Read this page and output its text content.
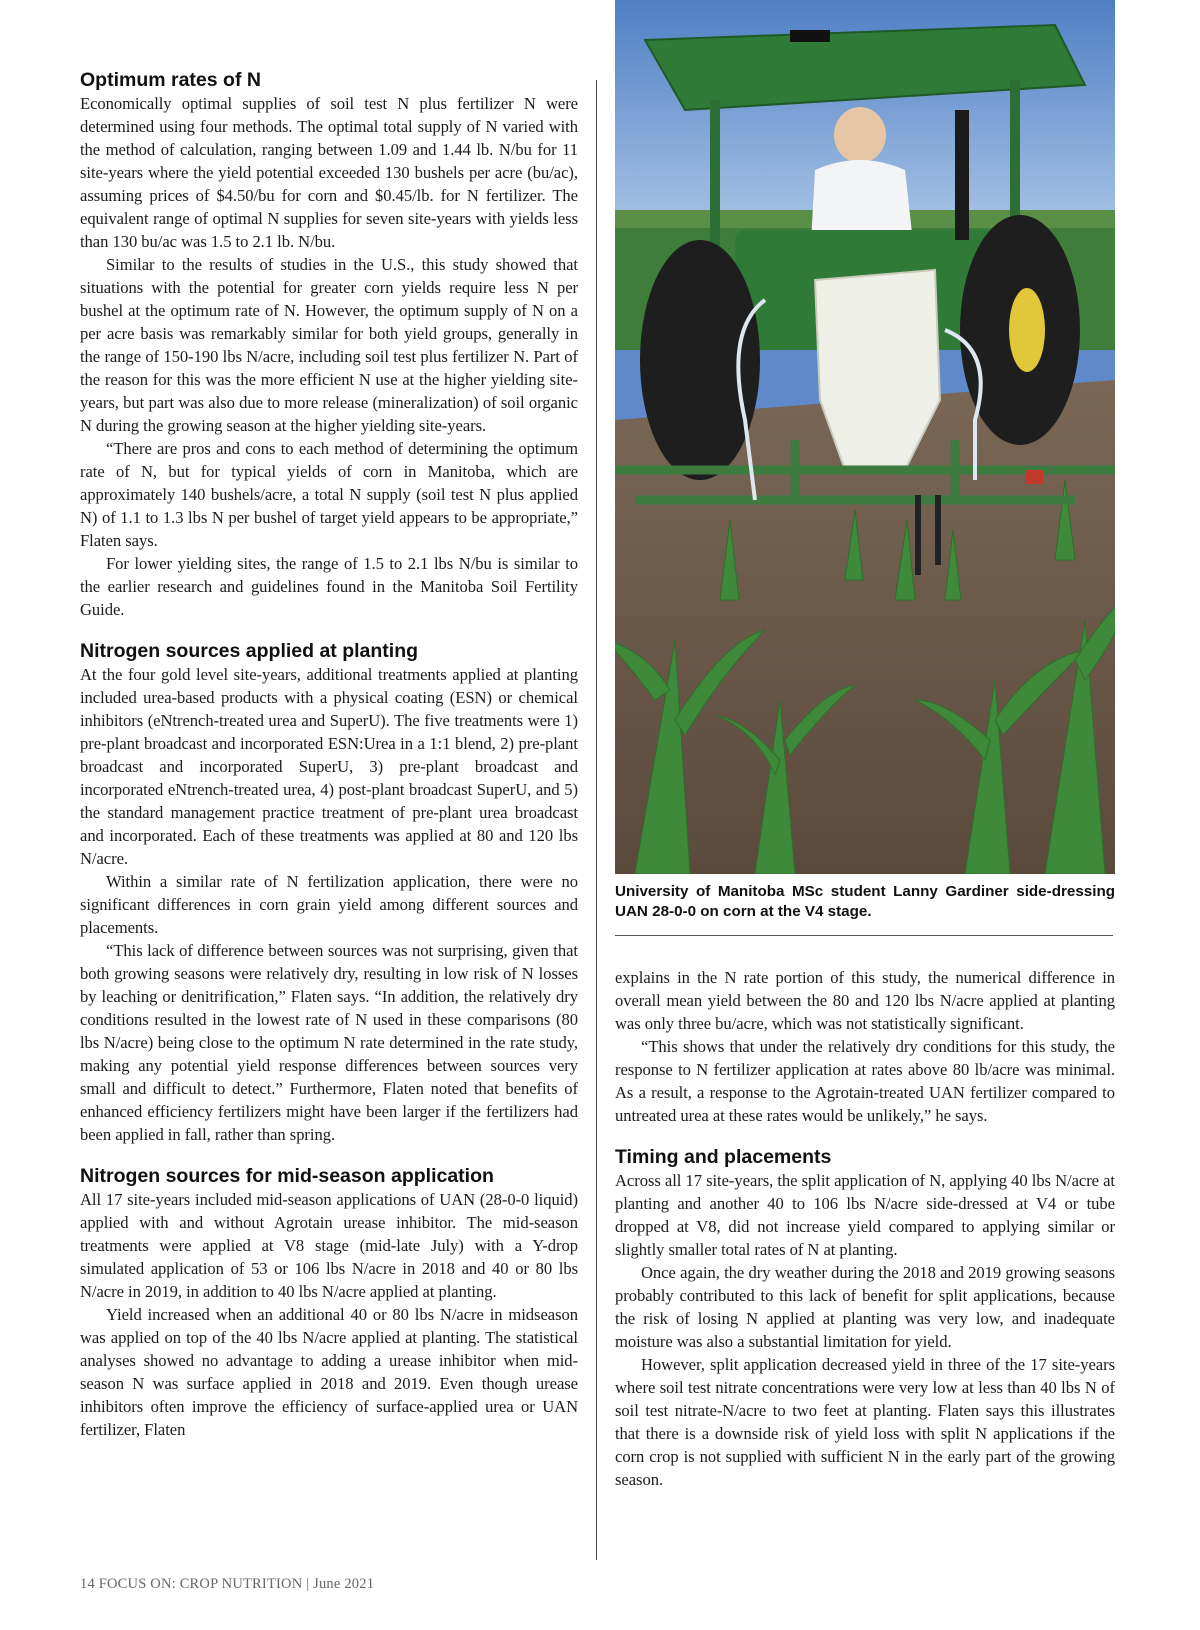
Optimum rates of N

Economically optimal supplies of soil test N plus fertilizer N were determined using four methods. The optimal total supply of N varied with the method of calculation, ranging between 1.09 and 1.44 lb. N/bu for 11 site-years where the yield potential exceeded 130 bushels per acre (bu/ac), assuming prices of $4.50/bu for corn and $0.45/lb. for N fertilizer. The equivalent range of optimal N supplies for seven site-years with yields less than 130 bu/ac was 1.5 to 2.1 lb. N/bu.

Similar to the results of studies in the U.S., this study showed that situations with the potential for greater corn yields require less N per bushel at the optimum rate of N. However, the optimum supply of N on a per acre basis was remarkably similar for both yield groups, generally in the range of 150-190 lbs N/acre, including soil test plus fertilizer N. Part of the reason for this was the more efficient N use at the higher yielding site-years, but part was also due to more release (mineralization) of soil organic N during the growing season at the higher yielding site-years.

“There are pros and cons to each method of determining the optimum rate of N, but for typical yields of corn in Manitoba, which are approximately 140 bushels/acre, a total N supply (soil test N plus applied N) of 1.1 to 1.3 lbs N per bushel of target yield appears to be appropriate,” Flaten says.

For lower yielding sites, the range of 1.5 to 2.1 lbs N/bu is similar to the earlier research and guidelines found in the Manitoba Soil Fertility Guide.

Nitrogen sources applied at planting

At the four gold level site-years, additional treatments applied at planting included urea-based products with a physical coating (ESN) or chemical inhibitors (eNtrench-treated urea and SuperU). The five treatments were 1) pre-plant broadcast and incorporated ESN:Urea in a 1:1 blend, 2) pre-plant broadcast and incorporated SuperU, 3) pre-plant broadcast and incorporated eNtrench-treated urea, 4) post-plant broadcast SuperU, and 5) the standard management practice treatment of pre-plant urea broadcast and incorporated. Each of these treatments was applied at 80 and 120 lbs N/acre.

Within a similar rate of N fertilization application, there were no significant differences in corn grain yield among different sources and placements.

“This lack of difference between sources was not surprising, given that both growing seasons were relatively dry, resulting in low risk of N losses by leaching or denitrification,” Flaten says. “In addition, the relatively dry conditions resulted in the lowest rate of N used in these comparisons (80 lbs N/acre) being close to the optimum N rate determined in the rate study, making any potential yield response differences between sources very small and difficult to detect.” Furthermore, Flaten noted that benefits of enhanced efficiency fertilizers might have been larger if the fertilizers had been applied in fall, rather than spring.

Nitrogen sources for mid-season application

All 17 site-years included mid-season applications of UAN (28-0-0 liquid) applied with and without Agrotain urease inhibitor. The mid-season treatments were applied at V8 stage (mid-late July) with a Y-drop simulated application of 53 or 106 lbs N/acre in 2018 and 40 or 80 lbs N/acre in 2019, in addition to 40 lbs N/acre applied at planting.

Yield increased when an additional 40 or 80 lbs N/acre in midseason was applied on top of the 40 lbs N/acre applied at planting. The statistical analyses showed no advantage to adding a urease inhibitor when mid-season N was surface applied in 2018 and 2019. Even though urease inhibitors often improve the efficiency of surface-applied urea or UAN fertilizer, Flaten

University of Manitoba MSc student Lanny Gardiner side-dressing UAN 28-0-0 on corn at the V4 stage.

explains in the N rate portion of this study, the numerical difference in overall mean yield between the 80 and 120 lbs N/acre applied at planting was only three bu/acre, which was not statistically significant.

“This shows that under the relatively dry conditions for this study, the response to N fertilizer application at rates above 80 lb/acre was minimal. As a result, a response to the Agrotain-treated UAN fertilizer compared to untreated urea at these rates would be unlikely,” he says.

Timing and placements

Across all 17 site-years, the split application of N, applying 40 lbs N/acre at planting and another 40 to 106 lbs N/acre side-dressed at V4 or tube dropped at V8, did not increase yield compared to applying similar or slightly smaller total rates of N at planting.

Once again, the dry weather during the 2018 and 2019 growing seasons probably contributed to this lack of benefit for split applications, because the risk of losing N applied at planting was very low, and inadequate moisture was also a substantial limitation for yield.

However, split application decreased yield in three of the 17 site-years where soil test nitrate concentrations were very low at less than 40 lbs N of soil test nitrate-N/acre to two feet at planting. Flaten says this illustrates that there is a downside risk of yield loss with split N applications if the corn crop is not supplied with sufficient N in the early part of the growing season.

14 FOCUS ON: CROP NUTRITION | June 2021
